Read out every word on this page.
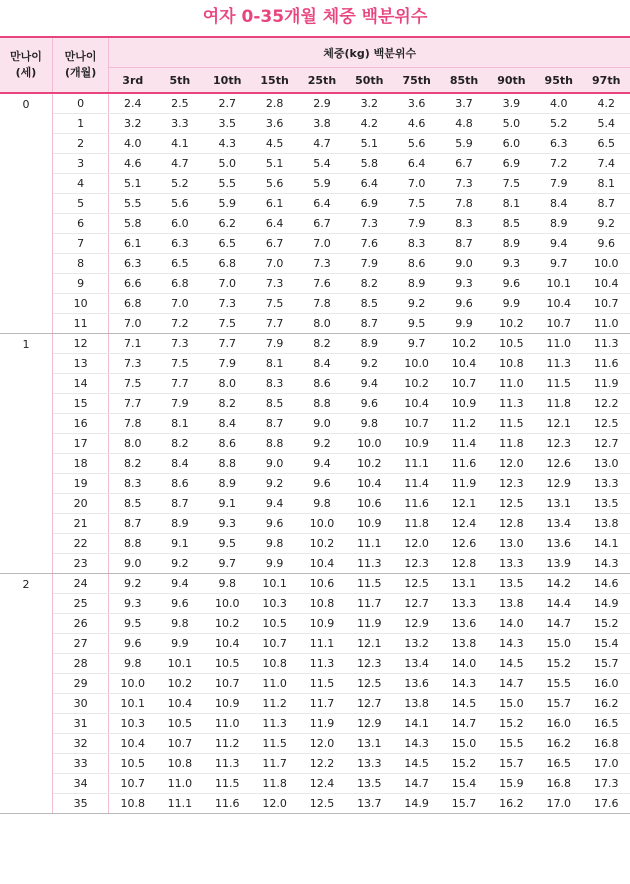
여자 0-35개월 체중 백분위수
만나이
(세)	만나이
(개월)	체중(kg) 백분위수										
		3rd	5th	10th	15th	25th	50th	75th	85th	90th	95th	97th
0	0	2.4	2.5	2.7	2.8	2.9	3.2	3.6	3.7	3.9	4.0	4.2
	1	3.2	3.3	3.5	3.6	3.8	4.2	4.6	4.8	5.0	5.2	5.4
	2	4.0	4.1	4.3	4.5	4.7	5.1	5.6	5.9	6.0	6.3	6.5
	3	4.6	4.7	5.0	5.1	5.4	5.8	6.4	6.7	6.9	7.2	7.4
	4	5.1	5.2	5.5	5.6	5.9	6.4	7.0	7.3	7.5	7.9	8.1
	5	5.5	5.6	5.9	6.1	6.4	6.9	7.5	7.8	8.1	8.4	8.7
	6	5.8	6.0	6.2	6.4	6.7	7.3	7.9	8.3	8.5	8.9	9.2
	7	6.1	6.3	6.5	6.7	7.0	7.6	8.3	8.7	8.9	9.4	9.6
	8	6.3	6.5	6.8	7.0	7.3	7.9	8.6	9.0	9.3	9.7	10.0
	9	6.6	6.8	7.0	7.3	7.6	8.2	8.9	9.3	9.6	10.1	10.4
	10	6.8	7.0	7.3	7.5	7.8	8.5	9.2	9.6	9.9	10.4	10.7
	11	7.0	7.2	7.5	7.7	8.0	8.7	9.5	9.9	10.2	10.7	11.0
1	12	7.1	7.3	7.7	7.9	8.2	8.9	9.7	10.2	10.5	11.0	11.3
	13	7.3	7.5	7.9	8.1	8.4	9.2	10.0	10.4	10.8	11.3	11.6
	14	7.5	7.7	8.0	8.3	8.6	9.4	10.2	10.7	11.0	11.5	11.9
	15	7.7	7.9	8.2	8.5	8.8	9.6	10.4	10.9	11.3	11.8	12.2
	16	7.8	8.1	8.4	8.7	9.0	9.8	10.7	11.2	11.5	12.1	12.5
	17	8.0	8.2	8.6	8.8	9.2	10.0	10.9	11.4	11.8	12.3	12.7
	18	8.2	8.4	8.8	9.0	9.4	10.2	11.1	11.6	12.0	12.6	13.0
	19	8.3	8.6	8.9	9.2	9.6	10.4	11.4	11.9	12.3	12.9	13.3
	20	8.5	8.7	9.1	9.4	9.8	10.6	11.6	12.1	12.5	13.1	13.5
	21	8.7	8.9	9.3	9.6	10.0	10.9	11.8	12.4	12.8	13.4	13.8
	22	8.8	9.1	9.5	9.8	10.2	11.1	12.0	12.6	13.0	13.6	14.1
	23	9.0	9.2	9.7	9.9	10.4	11.3	12.3	12.8	13.3	13.9	14.3
2	24	9.2	9.4	9.8	10.1	10.6	11.5	12.5	13.1	13.5	14.2	14.6
	25	9.3	9.6	10.0	10.3	10.8	11.7	12.7	13.3	13.8	14.4	14.9
	26	9.5	9.8	10.2	10.5	10.9	11.9	12.9	13.6	14.0	14.7	15.2
	27	9.6	9.9	10.4	10.7	11.1	12.1	13.2	13.8	14.3	15.0	15.4
	28	9.8	10.1	10.5	10.8	11.3	12.3	13.4	14.0	14.5	15.2	15.7
	29	10.0	10.2	10.7	11.0	11.5	12.5	13.6	14.3	14.7	15.5	16.0
	30	10.1	10.4	10.9	11.2	11.7	12.7	13.8	14.5	15.0	15.7	16.2
	31	10.3	10.5	11.0	11.3	11.9	12.9	14.1	14.7	15.2	16.0	16.5
	32	10.4	10.7	11.2	11.5	12.0	13.1	14.3	15.0	15.5	16.2	16.8
	33	10.5	10.8	11.3	11.7	12.2	13.3	14.5	15.2	15.7	16.5	17.0
	34	10.7	11.0	11.5	11.8	12.4	13.5	14.7	15.4	15.9	16.8	17.3
	35	10.8	11.1	11.6	12.0	12.5	13.7	14.9	15.7	16.2	17.0	17.6
